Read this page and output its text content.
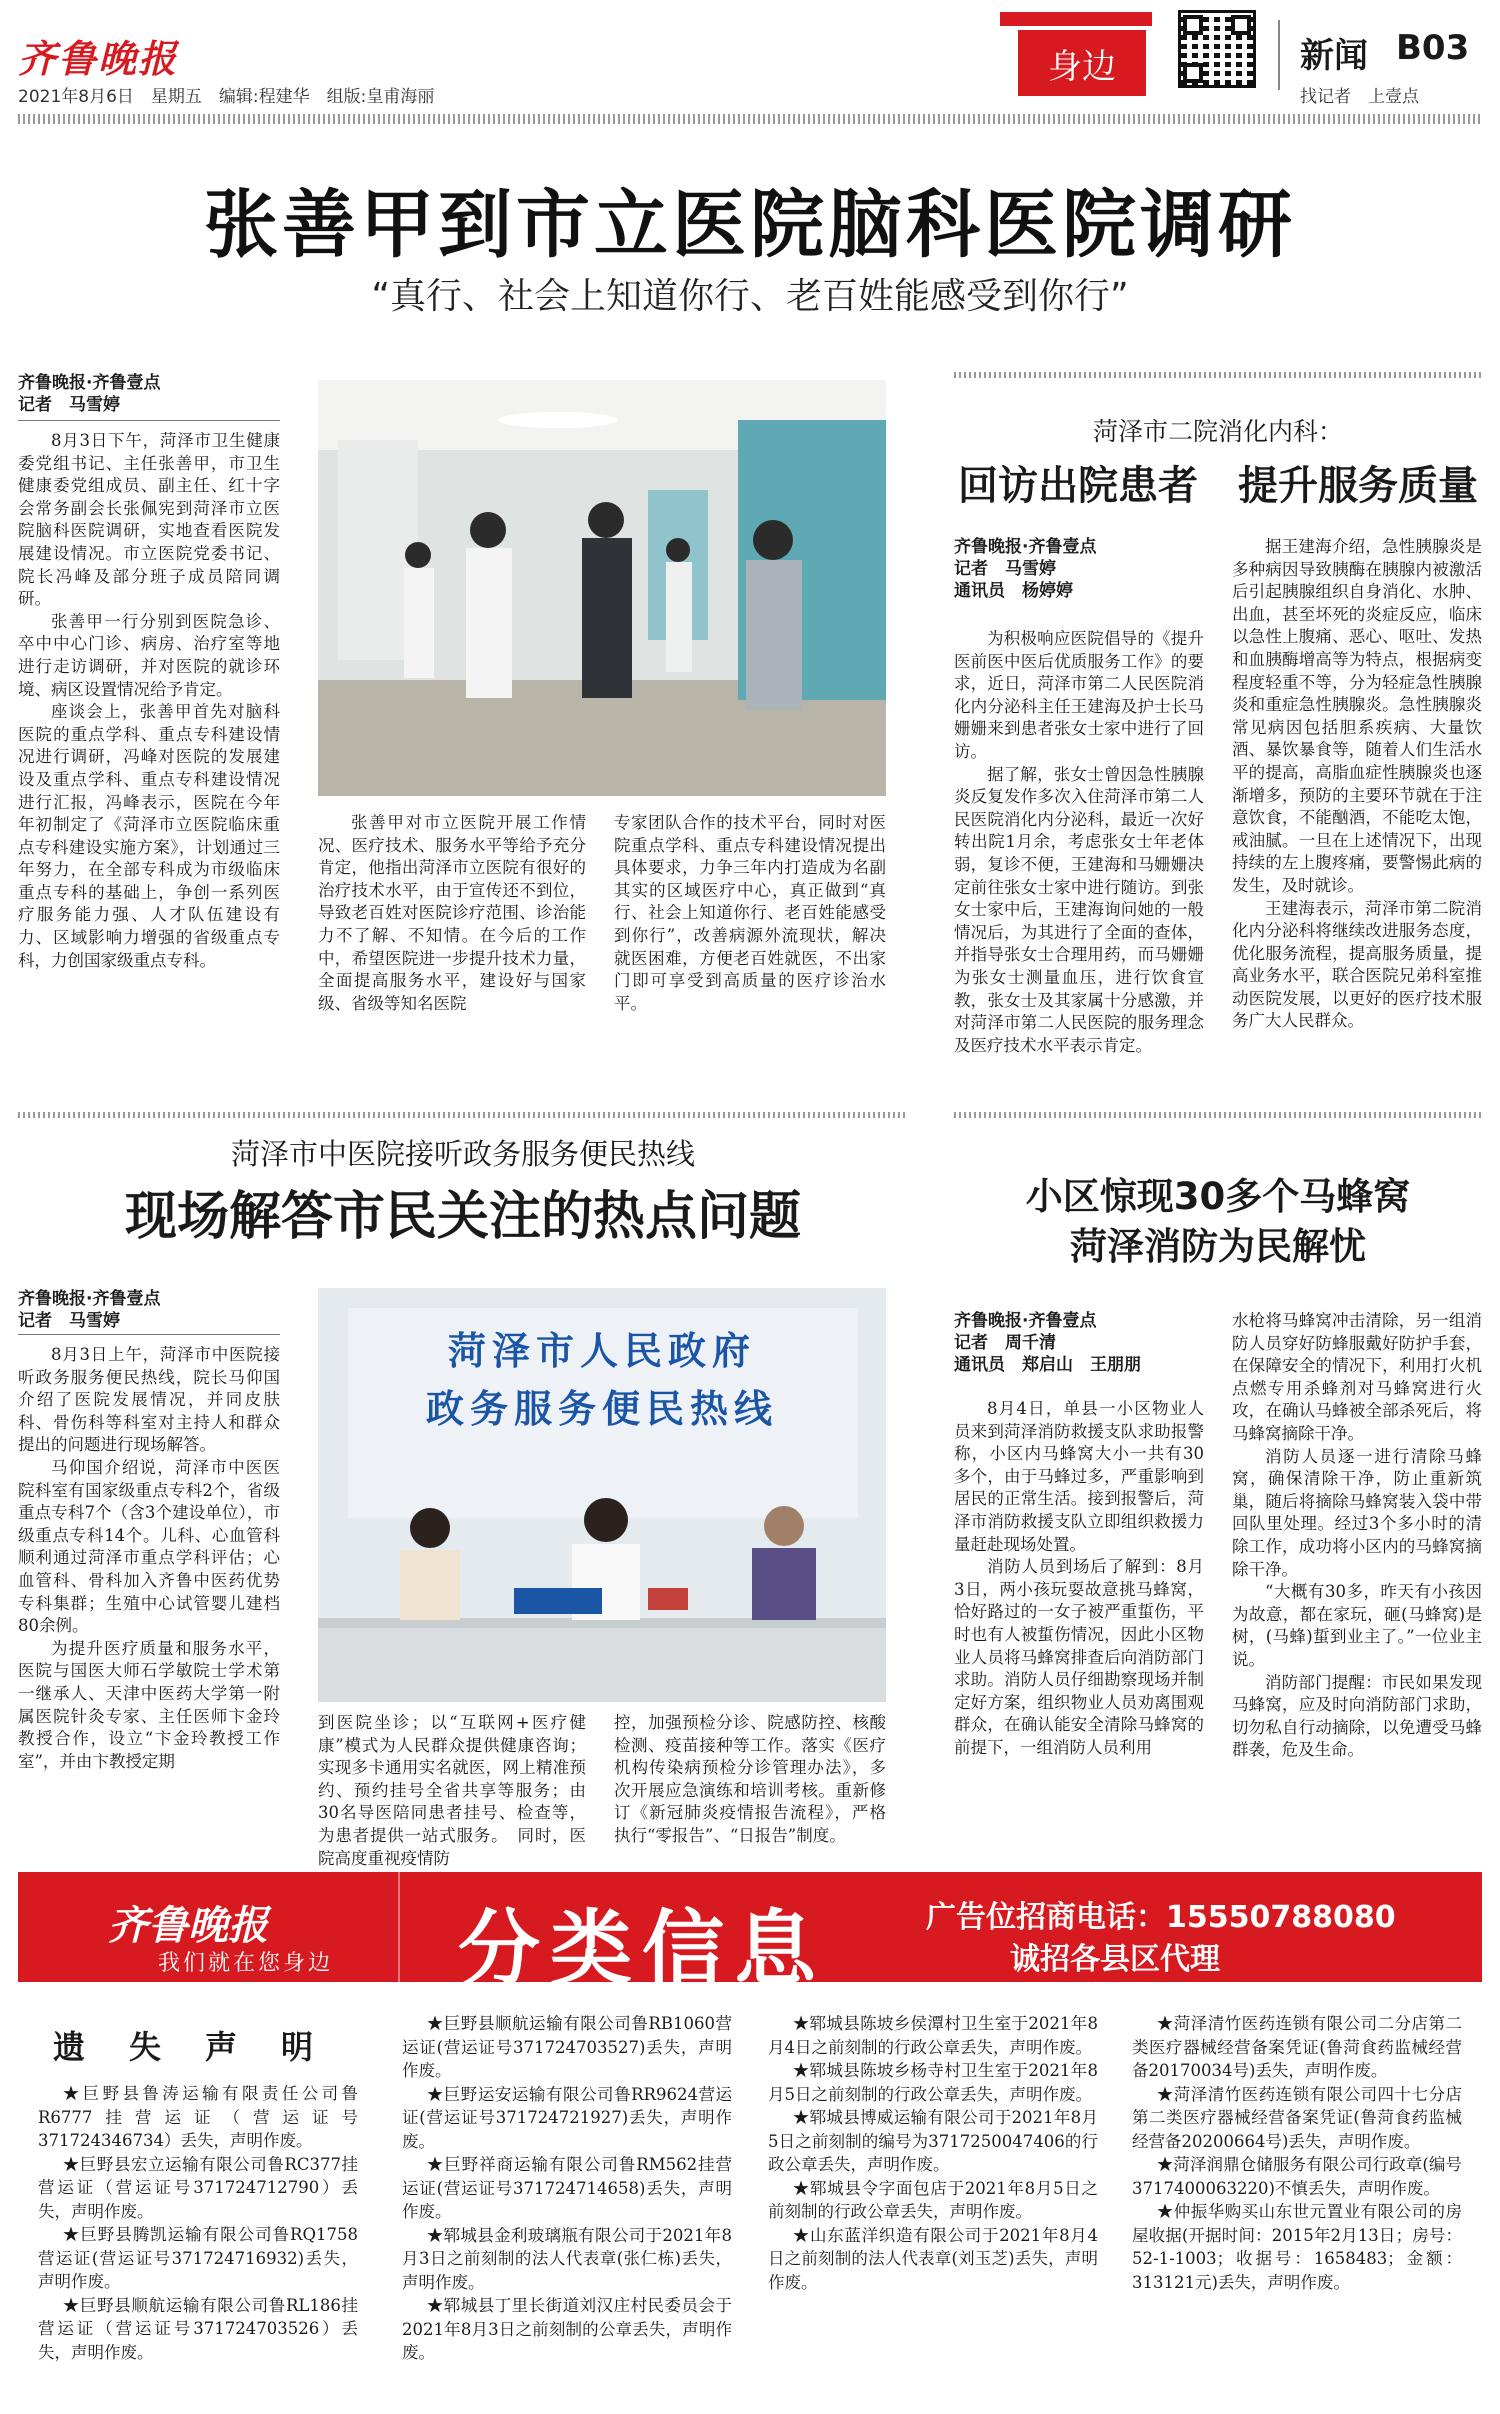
齐鲁晚报
2021年8月6日　星期五　编辑:程建华　组版:皇甫海丽
身边	新闻 B03
找记者　上壹点
张善甲到市立医院脑科医院调研
“真行、社会上知道你行、老百姓能感受到你行”
齐鲁晚报·齐鲁壹点
记者　马雪婷

8月3日下午，菏泽市卫生健康委党组书记、主任张善甲，市卫生健康委党组成员、副主任、红十字会常务副会长张佩宪到菏泽市立医院脑科医院调研，实地查看医院发展建设情况。市立医院党委书记、院长冯峰及部分班子成员陪同调研。

张善甲一行分别到医院急诊、卒中中心门诊、病房、治疗室等地进行走访调研，并对医院的就诊环境、病区设置情况给予肯定。

座谈会上，张善甲首先对脑科医院的重点学科、重点专科建设情况进行调研，冯峰对医院的发展建设及重点学科、重点专科建设情况进行汇报，冯峰表示，医院在今年年初制定了《菏泽市立医院临床重点专科建设实施方案》，计划通过三年努力，在全部专科成为市级临床重点专科的基础上，争创一系列医疗服务能力强、人才队伍建设有力、区域影响力增强的省级重点专科，力创国家级重点专科。

张善甲对市立医院开展工作情况、医疗技术、服务水平等给予充分肯定，他指出菏泽市立医院有很好的治疗技术水平，由于宣传还不到位，导致老百姓对医院诊疗范围、诊治能力不了解、不知情。在今后的工作中，希望医院进一步提升技术力量，全面提高服务水平，建设好与国家级、省级等知名医院

专家团队合作的技术平台，同时对医院重点学科、重点专科建设情况提出具体要求，力争三年内打造成为名副其实的区域医疗中心，真正做到“真行、社会上知道你行、老百姓能感受到你行”，改善病源外流现状，解决就医困难，方便老百姓就医，不出家门即可享受到高质量的医疗诊治水平。

菏泽市二院消化内科：
回访出院患者　提升服务质量
齐鲁晚报·齐鲁壹点
记者　马雪婷
通讯员　杨婷婷

为积极响应医院倡导的《提升医前医中医后优质服务工作》的要求，近日，菏泽市第二人民医院消化内分泌科主任王建海及护士长马姗姗来到患者张女士家中进行了回访。

据了解，张女士曾因急性胰腺炎反复发作多次入住菏泽市第二人民医院消化内分泌科，最近一次好转出院1月余，考虑张女士年老体弱，复诊不便，王建海和马姗姗决定前往张女士家中进行随访。到张女士家中后，王建海询问她的一般情况后，为其进行了全面的查体，并指导张女士合理用药，而马姗姗为张女士测量血压，进行饮食宣教，张女士及其家属十分感激，并对菏泽市第二人民医院的服务理念及医疗技术水平表示肯定。

据王建海介绍，急性胰腺炎是多种病因导致胰酶在胰腺内被激活后引起胰腺组织自身消化、水肿、出血，甚至坏死的炎症反应，临床以急性上腹痛、恶心、呕吐、发热和血胰酶增高等为特点，根据病变程度轻重不等，分为轻症急性胰腺炎和重症急性胰腺炎。急性胰腺炎常见病因包括胆系疾病、大量饮酒、暴饮暴食等，随着人们生活水平的提高，高脂血症性胰腺炎也逐渐增多，预防的主要环节就在于注意饮食，不能酗酒，不能吃太饱，戒油腻。一旦在上述情况下，出现持续的左上腹疼痛，要警惕此病的发生，及时就诊。

王建海表示，菏泽市第二院消化内分泌科将继续改进服务态度，优化服务流程，提高服务质量，提高业务水平，联合医院兄弟科室推动医院发展，以更好的医疗技术服务广大人民群众。

菏泽市中医院接听政务服务便民热线
现场解答市民关注的热点问题
齐鲁晚报·齐鲁壹点
记者　马雪婷

8月3日上午，菏泽市中医院接听政务服务便民热线，院长马仰国介绍了医院发展情况，并同皮肤科、骨伤科等科室对主持人和群众提出的问题进行现场解答。

马仰国介绍说，菏泽市中医医院科室有国家级重点专科2个，省级重点专科7个（含3个建设单位），市级重点专科14个。儿科、心血管科顺利通过菏泽市重点学科评估；心血管科、骨科加入齐鲁中医药优势专科集群；生殖中心试管婴儿建档80余例。

为提升医疗质量和服务水平，医院与国医大师石学敏院士学术第一继承人、天津中医药大学第一附属医院针灸专家、主任医师卞金玲教授合作，设立“卞金玲教授工作室”，并由卞教授定期

菏泽市人民政府
政务服务便民热线

到医院坐诊；以“互联网+医疗健康”模式为人民群众提供健康咨询；实现多卡通用实名就医，网上精准预约、预约挂号全省共享等服务；由30名导医陪同患者挂号、检查等，为患者提供一站式服务。　同时，医院高度重视疫情防

控，加强预检分诊、院感防控、核酸检测、疫苗接种等工作。落实《医疗机构传染病预检分诊管理办法》，多次开展应急演练和培训考核。重新修订《新冠肺炎疫情报告流程》，严格执行“零报告”、“日报告”制度。

小区惊现30多个马蜂窝
菏泽消防为民解忧
齐鲁晚报·齐鲁壹点
记者　周千清
通讯员　郑启山　王朋朋

8月4日，单县一小区物业人员来到菏泽消防救援支队求助报警称，小区内马蜂窝大小一共有30多个，由于马蜂过多，严重影响到居民的正常生活。接到报警后，菏泽市消防救援支队立即组织救援力量赶赴现场处置。

消防人员到场后了解到：8月3日，两小孩玩耍故意挑马蜂窝，恰好路过的一女子被严重蜇伤，平时也有人被蜇伤情况，因此小区物业人员将马蜂窝排查后向消防部门求助。消防人员仔细勘察现场并制定好方案，组织物业人员劝离围观群众，在确认能安全清除马蜂窝的前提下，一组消防人员利用

水枪将马蜂窝冲击清除，另一组消防人员穿好防蜂服戴好防护手套，在保障安全的情况下，利用打火机点燃专用杀蜂剂对马蜂窝进行火攻，在确认马蜂被全部杀死后，将马蜂窝摘除干净。

消防人员逐一进行清除马蜂窝，确保清除干净，防止重新筑巢，随后将摘除马蜂窝装入袋中带回队里处理。经过3个多小时的清除工作，成功将小区内的马蜂窝摘除干净。

“大概有30多，昨天有小孩因为故意，都在家玩，砸(马蜂窝)是树，(马蜂)蜇到业主了。”一位业主说。

消防部门提醒：市民如果发现马蜂窝，应及时向消防部门求助，切勿私自行动摘除，以免遭受马蜂群袭，危及生命。

齐鲁晚报
我们就在您身边 分类信息	广告位招商电话：15550788080
诚招各县区代理
遗　失　声　明

★巨野县鲁涛运输有限责任公司鲁R6777挂营运证（营运证号371724346734）丢失，声明作废。

★巨野县宏立运输有限公司鲁RC377挂营运证（营运证号371724712790）丢失，声明作废。

★巨野县腾凯运输有限公司鲁RQ1758营运证(营运证号371724716932)丢失，声明作废。

★巨野县顺航运输有限公司鲁RL186挂营运证（营运证号371724703526）丢失，声明作废。

★巨野县顺航运输有限公司鲁RB1060营运证(营运证号371724703527)丢失，声明作废。

★巨野运安运输有限公司鲁RR9624营运证(营运证号371724721927)丢失，声明作废。

★巨野祥商运输有限公司鲁RM562挂营运证(营运证号371724714658)丢失，声明作废。

★郓城县金利玻璃瓶有限公司于2021年8月3日之前刻制的法人代表章(张仁栋)丢失，声明作废。

★郓城县丁里长街道刘汉庄村民委员会于2021年8月3日之前刻制的公章丢失，声明作废。

★郓城县陈坡乡侯潭村卫生室于2021年8月4日之前刻制的行政公章丢失，声明作废。

★郓城县陈坡乡杨寺村卫生室于2021年8月5日之前刻制的行政公章丢失，声明作废。

★郓城县博威运输有限公司于2021年8月5日之前刻制的编号为3717250047406的行政公章丢失，声明作废。

★郓城县令字面包店于2021年8月5日之前刻制的行政公章丢失，声明作废。

★山东蓝洋织造有限公司于2021年8月4日之前刻制的法人代表章(刘玉芝)丢失，声明作废。

★菏泽清竹医药连锁有限公司二分店第二类医疗器械经营备案凭证(鲁菏食药监械经营备20170034号)丢失，声明作废。

★菏泽清竹医药连锁有限公司四十七分店第二类医疗器械经营备案凭证(鲁菏食药监械经营备20200664号)丢失，声明作废。

★菏泽润鼎仓储服务有限公司行政章(编号3717400063220)不慎丢失，声明作废。

★仲振华购买山东世元置业有限公司的房屋收据(开据时间：2015年2月13日；房号：52-1-1003；收据号：1658483；金额：313121元)丢失，声明作废。
